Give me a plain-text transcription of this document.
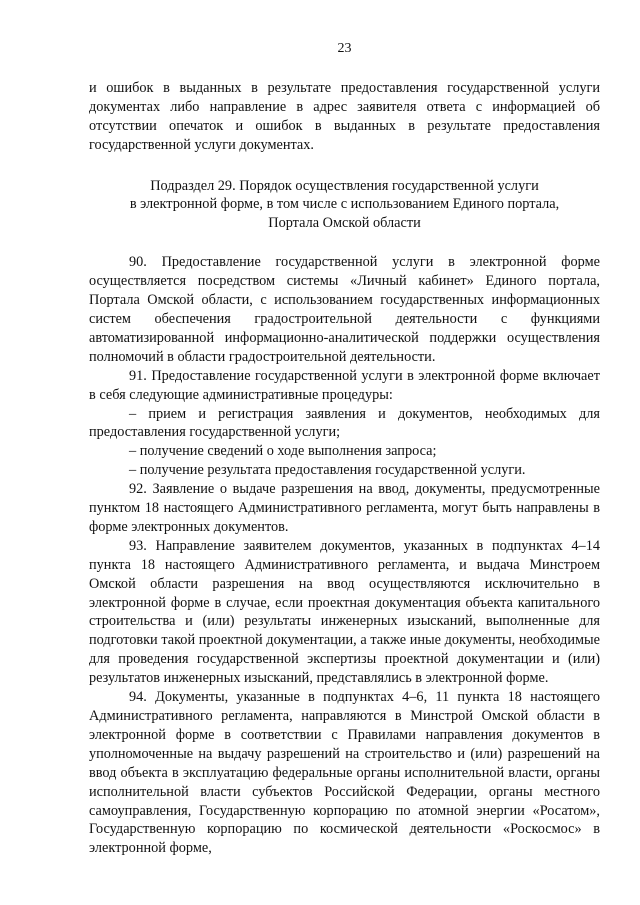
23

и ошибок в выданных в результате предоставления государственной услуги документах либо направление в адрес заявителя ответа с информацией об отсутствии опечаток и ошибок в выданных в результате предоставления государственной услуги документах.

Подраздел 29. Порядок осуществления государственной услуги
в электронной форме, в том числе с использованием Единого портала,
Портала Омской области

90. Предоставление государственной услуги в электронной форме осуществляется посредством системы «Личный кабинет» Единого портала, Портала Омской области, с использованием государственных информационных систем обеспечения градостроительной деятельности с функциями автоматизированной информационно-аналитической поддержки осуществления полномочий в области градостроительной деятельности.

91. Предоставление государственной услуги в электронной форме включает в себя следующие административные процедуры:

– прием и регистрация заявления и документов, необходимых для предоставления государственной услуги;

– получение сведений о ходе выполнения запроса;

– получение результата предоставления государственной услуги.

92. Заявление о выдаче разрешения на ввод, документы, предусмотренные пунктом 18 настоящего Административного регламента, могут быть направлены в форме электронных документов.

93. Направление заявителем документов, указанных в подпунктах 4–14 пункта 18 настоящего Административного регламента, и выдача Минстроем Омской области разрешения на ввод осуществляются исключительно в электронной форме в случае, если проектная документация объекта капитального строительства и (или) результаты инженерных изысканий, выполненные для подготовки такой проектной документации, а также иные документы, необходимые для проведения государственной экспертизы проектной документации и (или) результатов инженерных изысканий, представлялись в электронной форме.

94. Документы, указанные в подпунктах 4–6, 11 пункта 18 настоящего Административного регламента, направляются в Минстрой Омской области в электронной форме в соответствии с Правилами направления документов в уполномоченные на выдачу разрешений на строительство и (или) разрешений на ввод объекта в эксплуатацию федеральные органы исполнительной власти, органы исполнительной власти субъектов Российской Федерации, органы местного самоуправления, Государственную корпорацию по атомной энергии «Росатом», Государственную корпорацию по космической деятельности «Роскосмос» в электронной форме,
